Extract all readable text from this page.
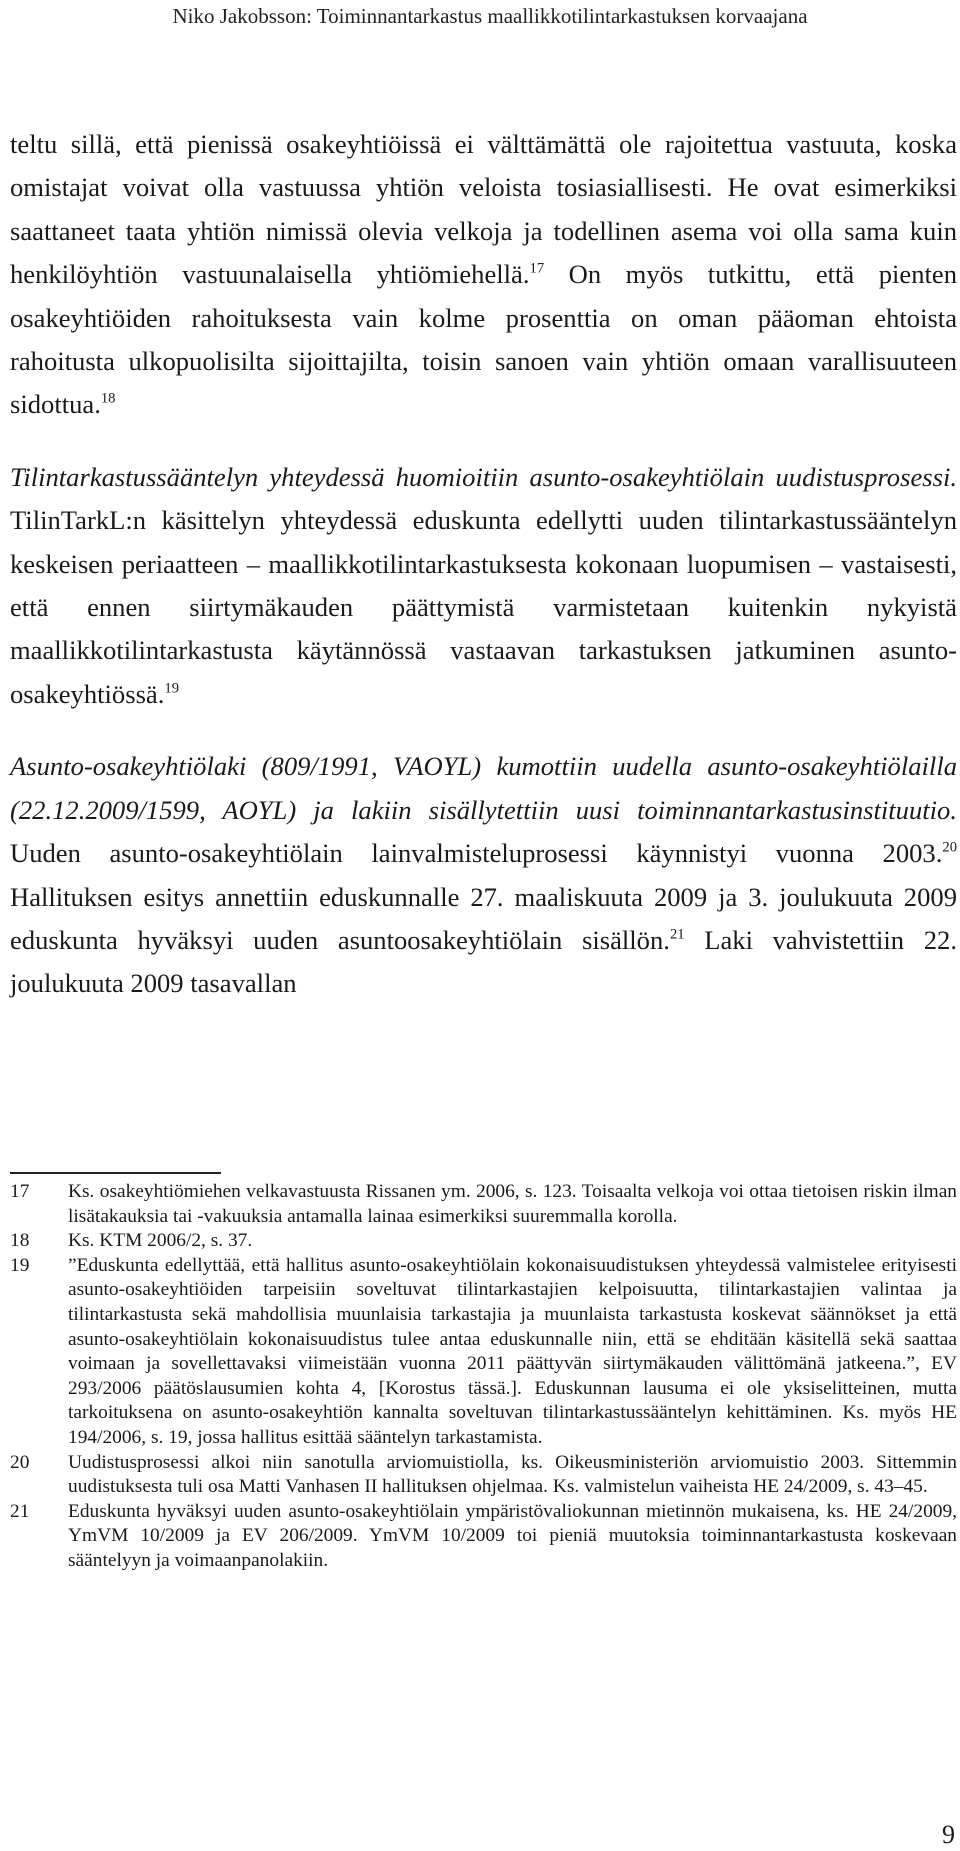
Niko Jakobsson: Toiminnantarkastus maallikkotilintarkastuksen korvaajana

teltu sillä, että pienissä osakeyhtiöissä ei välttämättä ole rajoitettua vastuuta, koska omistajat voivat olla vastuussa yhtiön veloista tosiasiallisesti. He ovat esimerkiksi saattaneet taata yhtiön nimissä olevia velkoja ja todellinen asema voi olla sama kuin henkilöyhtiön vastuunalaisella yhtiömiehellä.$^{17}$ On myös tutkittu, että pienten osakeyhtiöiden rahoituksesta vain kolme prosenttia on oman pääoman ehtoista rahoitusta ulkopuolisilta sijoittajilta, toisin sanoen vain yhtiön omaan varallisuuteen sidottua.$^{18}$

Tilintarkastussääntelyn yhteydessä huomioitiin asunto-osakeyhtiölain uudistusprosessi. TilinTarkL:n käsittelyn yhteydessä eduskunta edellytti uuden tilintarkastussääntelyn keskeisen periaatteen – maallikkotilintarkastuksesta kokonaan luopumisen – vastaisesti, että ennen siirtymäkauden päättymistä varmistetaan kuitenkin nykyistä maallikkotilintarkastusta käytännössä vastaavan tarkastuksen jatkuminen asunto-osakeyhtiössä.$^{19}$

Asunto-osakeyhtiölaki (809/1991, VAOYL) kumottiin uudella asunto-osakeyhtiölailla (22.12.2009/1599, AOYL) ja lakiin sisällytettiin uusi toiminnantarkastusinstituutio. Uuden asunto-osakeyhtiölain lainvalmisteluprosessi käynnistyi vuonna 2003.20 Hallituksen esitys annettiin eduskunnalle 27. maaliskuuta 2009 ja 3. joulukuuta 2009 eduskunta hyväksyi uuden asuntoosakeyhtiölain sisällön.$^{21}$ Laki vahvistettiin 22. joulukuuta 2009 tasavallan

17	Ks. osakeyhtiömiehen velkavastuusta Rissanen ym. 2006, s. 123. Toisaalta velkoja voi ottaa tietoisen riskin ilman lisätakauksia tai -vakuuksia antamalla lainaa esimerkiksi suuremmalla korolla.
18	Ks. KTM 2006/2, s. 37.
19	”Eduskunta edellyttää, että hallitus asunto-osakeyhtiölain kokonaisuudistuksen yhteydessä valmistelee erityisesti asunto-osakeyhtiöiden tarpeisiin soveltuvat tilintarkastajien kelpoisuutta, tilintarkastajien valintaa ja tilintarkastusta sekä mahdollisia muunlaisia tarkastajia ja muunlaista tarkastusta koskevat säännökset ja että asunto-osakeyhtiölain kokonaisuudistus tulee antaa eduskunnalle niin, että se ehditään käsitellä sekä saattaa voimaan ja sovellettavaksi viimeistään vuonna 2011 päättyvän siirtymäkauden välittömänä jatkeena.”, EV 293/2006 päätöslausumien kohta 4, [Korostus tässä.]. Eduskunnan lausuma ei ole yksiselitteinen, mutta tarkoituksena on asunto-osakeyhtiön kannalta soveltuvan tilintarkastussääntelyn kehittäminen. Ks. myös HE 194/2006, s. 19, jossa hallitus esittää sääntelyn tarkastamista.
20	Uudistusprosessi alkoi niin sanotulla arviomuistiolla, ks. Oikeusministeriön arviomuistio 2003. Sittemmin uudistuksesta tuli osa Matti Vanhasen II hallituksen ohjelmaa. Ks. valmistelun vaiheista HE 24/2009, s. 43–45.
21	Eduskunta hyväksyi uuden asunto-osakeyhtiölain ympäristövaliokunnan mietinnön mukaisena, ks. HE 24/2009, YmVM 10/2009 ja EV 206/2009. YmVM 10/2009 toi pieniä muutoksia toiminnantarkastusta koskevaan sääntelyyn ja voimaanpanolakiin.
9
